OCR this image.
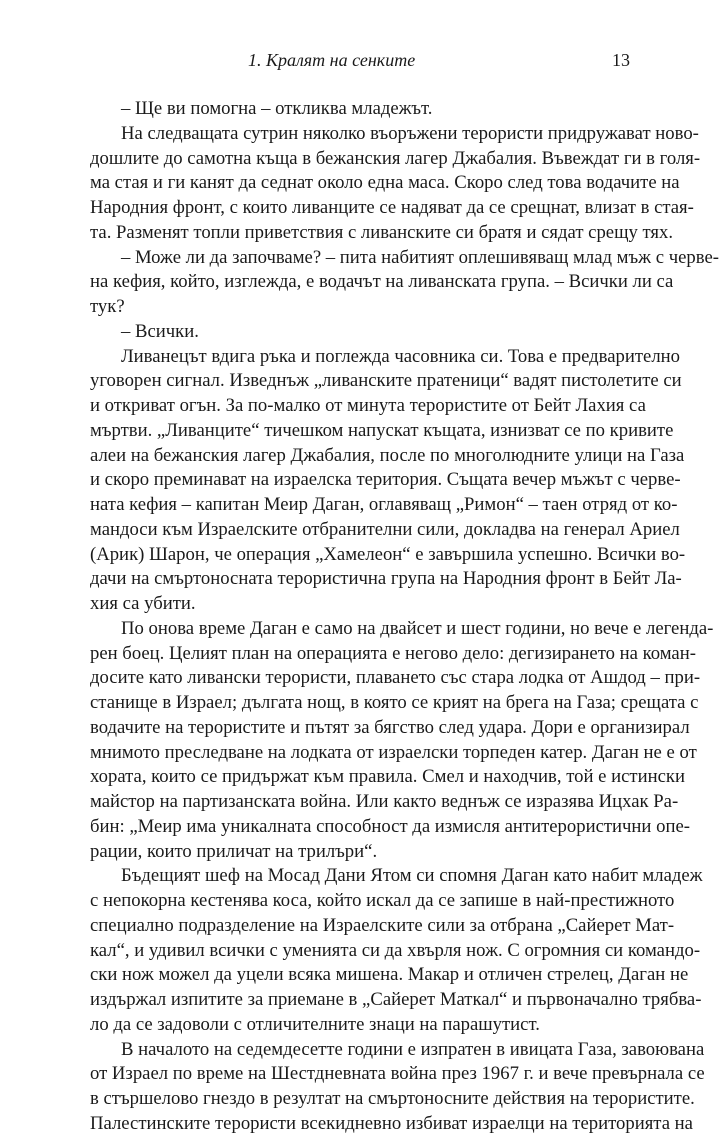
1. Кралят на сенките	13
– Ще ви помогна – откликва младежът.
На следващата сутрин няколко въоръжени терористи придружават ново-
дошлите до самотна къща в бежанския лагер Джабалия. Въвеждат ги в голя-
ма стая и ги канят да седнат около една маса. Скоро след това водачите на
Народния фронт, с които ливанците се надяват да се срещнат, влизат в стая-
та. Разменят топли приветствия с ливанските си братя и сядат срещу тях.
– Може ли да започваме? – пита набитият оплешивяващ млад мъж с черве-
на кефия, който, изглежда, е водачът на ливанската група. – Всички ли са
тук?
– Всички.
Ливанецът вдига ръка и поглежда часовника си. Това е предварително
уговорен сигнал. Изведнъж „ливанските пратеници“ вадят пистолетите си
и откриват огън. За по-малко от минута терористите от Бейт Лахия са
мъртви. „Ливанците“ тичешком напускат къщата, изнизват се по кривите
алеи на бежанския лагер Джабалия, после по многолюдните улици на Газа
и скоро преминават на израелска територия. Същата вечер мъжът с черве-
ната кефия – капитан Меир Даган, оглавяващ „Римон“ – таен отряд от ко-
мандоси към Израелските отбранителни сили, докладва на генерал Ариел
(Арик) Шарон, че операция „Хамелеон“ е завършила успешно. Всички во-
дачи на смъртоносната терористична група на Народния фронт в Бейт Ла-
хия са убити.
По онова време Даган е само на двайсет и шест години, но вече е легенда-
рен боец. Целият план на операцията е негово дело: дегизирането на коман-
досите като ливански терористи, плаването със стара лодка от Ашдод – при-
станище в Израел; дългата нощ, в която се крият на брега на Газа; срещата с
водачите на терористите и пътят за бягство след удара. Дори е организирал
мнимото преследване на лодката от израелски торпеден катер. Даган не е от
хората, които се придържат към правила. Смел и находчив, той е истински
майстор на партизанската война. Или както веднъж се изразява Ицхак Ра-
бин: „Меир има уникалната способност да измисля антитерористични опе-
рации, които приличат на трилъри“.
Бъдещият шеф на Мосад Дани Ятом си спомня Даган като набит младеж
с непокорна кестенява коса, който искал да се запише в най-престижното
специално подразделение на Израелските сили за отбрана „Сайерет Мат-
кал“, и удивил всички с уменията си да хвърля нож. С огромния си командо-
ски нож можел да уцели всяка мишена. Макар и отличен стрелец, Даган не
издържал изпитите за приемане в „Сайерет Маткал“ и първоначално трябва-
ло да се задоволи с отличителните знаци на парашутист.
В началото на седемдесетте години е изпратен в ивицата Газа, завоювана
от Израел по време на Шестдневната война през 1967 г. и вече превърнала се
в стършелово гнездо в резултат на смъртоносните действия на терористите.
Палестинските терористи всекидневно избиват израелци на територията на
